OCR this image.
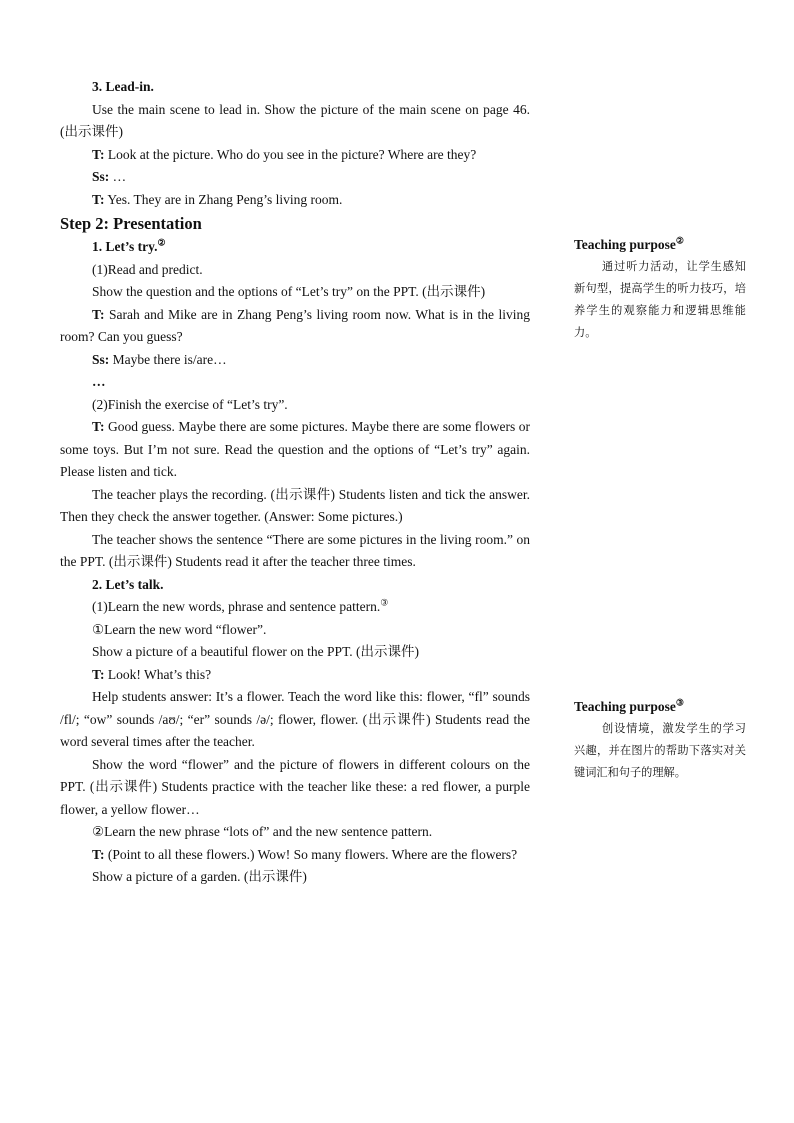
3. Lead-in.

Use the main scene to lead in. Show the picture of the main scene on page 46. (出示课件)

T: Look at the picture. Who do you see in the picture? Where are they?

Ss: …

T: Yes. They are in Zhang Peng’s living room.

Step 2: Presentation

1. Let’s try.②

(1)Read and predict.

Show the question and the options of “Let’s try” on the PPT. (出示课件)

T: Sarah and Mike are in Zhang Peng’s living room now. What is in the living room? Can you guess?

Ss: Maybe there is/are…

…

(2)Finish the exercise of “Let’s try”.

T: Good guess. Maybe there are some pictures. Maybe there are some flowers or some toys. But I’m not sure. Read the question and the options of “Let’s try” again. Please listen and tick.

The teacher plays the recording. (出示课件) Students listen and tick the answer. Then they check the answer together. (Answer: Some pictures.)

The teacher shows the sentence “There are some pictures in the living room.” on the PPT. (出示课件) Students read it after the teacher three times.

2. Let’s talk.

(1)Learn the new words, phrase and sentence pattern.③

①Learn the new word “flower”.

Show a picture of a beautiful flower on the PPT. (出示课件)

T: Look! What’s this?

Help students answer: It’s a flower. Teach the word like this: flower, “fl” sounds /fl/; “ow” sounds /aʊ/; “er” sounds /ə/; flower, flower. (出示课件) Students read the word several times after the teacher.

Show the word “flower” and the picture of flowers in different colours on the PPT. (出示课件) Students practice with the teacher like these: a red flower, a purple flower, a yellow flower…

②Learn the new phrase “lots of” and the new sentence pattern.

T: (Point to all these flowers.) Wow! So many flowers. Where are the flowers?

Show a picture of a garden. (出示课件)

Teaching purpose②
通过听力活动，让学生感知新句型，提高学生的听力技巧，培养学生的观察能力和逻辑思维能力。
Teaching purpose③
创设情境，激发学生的学习兴趣，并在图片的帮助下落实对关键词汇和句子的理解。
